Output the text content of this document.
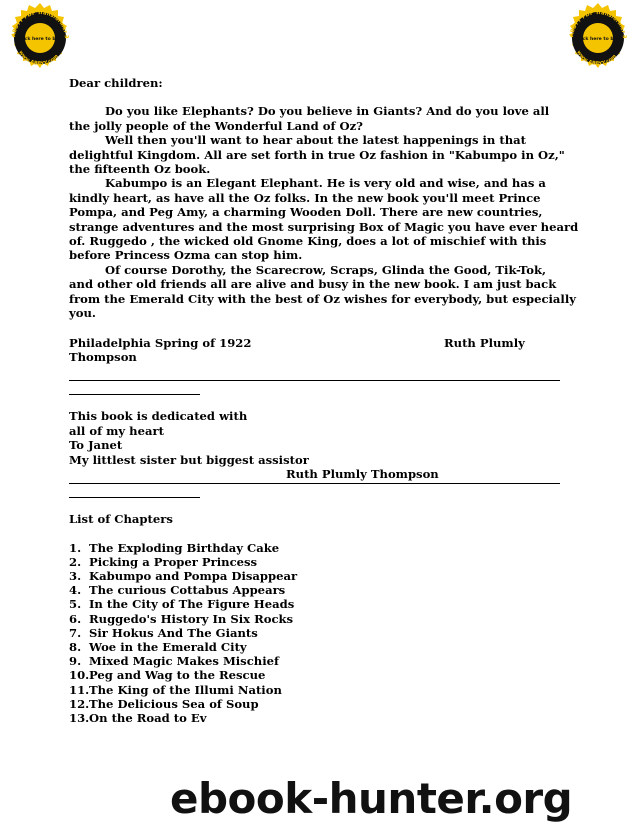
ABBYY PDF Transformer 3
Click here to buy
www.ABBYY.com
ABBYY PDF Transformer 3
Click here to buy
www.ABBYY.com
Dear children:
Do you like Elephants? Do you believe in Giants? And do you love all
the jolly people of the Wonderful Land of Oz?
Well then you'll want to hear about the latest happenings in that
delightful Kingdom. All are set forth in true Oz fashion in "Kabumpo in Oz,"
the fifteenth Oz book.
Kabumpo is an Elegant Elephant. He is very old and wise, and has a
kindly heart, as have all the Oz folks. In the new book you'll meet Prince
Pompa, and Peg Amy, a charming Wooden Doll. There are new countries,
strange adventures and the most surprising Box of Magic you have ever heard
of. Ruggedo , the wicked old Gnome King, does a lot of mischief with this
before Princess Ozma can stop him.
Of course Dorothy, the Scarecrow, Scraps, Glinda the Good, Tik-Tok,
and other old friends all are alive and busy in the new book. I am just back
from the Emerald City with the best of Oz wishes for everybody, but especially
you.
Philadelphia Spring of 1922	Ruth Plumly
Thompson
This book is dedicated with
all of my heart
To Janet
My littlest sister but biggest assistor
Ruth Plumly Thompson
List of Chapters
1. The Exploding Birthday Cake
2. Picking a Proper Princess
3. Kabumpo and Pompa Disappear
4. The curious Cottabus Appears
5. In the City of The Figure Heads
6. Ruggedo's History In Six Rocks
7. Sir Hokus And The Giants
8. Woe in the Emerald City
9. Mixed Magic Makes Mischief
10.Peg and Wag to the Rescue
11.The King of the Illumi Nation
12.The Delicious Sea of Soup
13.On the Road to Ev
ebook-hunter.org
